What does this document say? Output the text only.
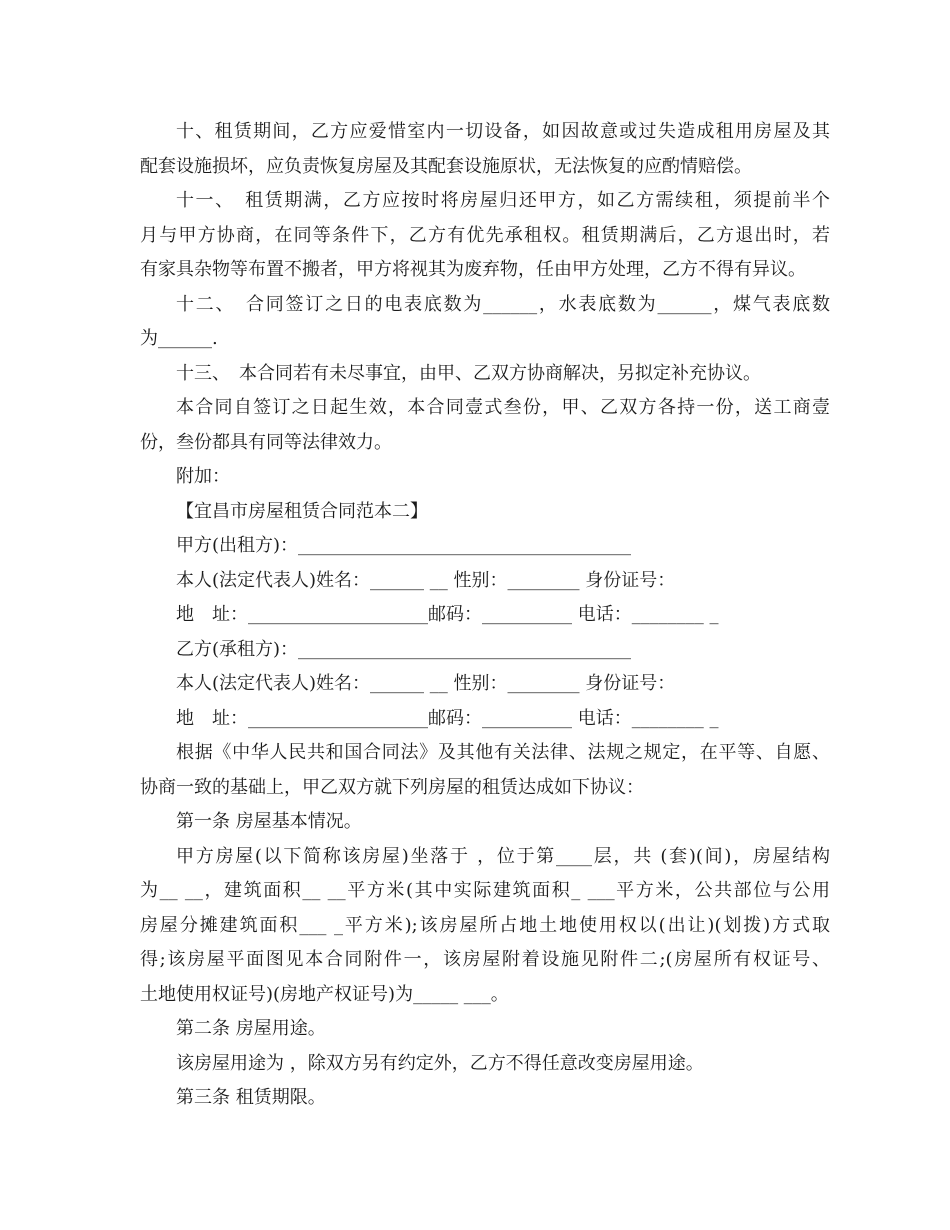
十、租赁期间，乙方应爱惜室内一切设备，如因故意或过失造成租用房屋及其

配套设施损坏，应负责恢复房屋及其配套设施原状，无法恢复的应酌情赔偿。

十一、　租赁期满，乙方应按时将房屋归还甲方，如乙方需续租，须提前半个

月与甲方协商，在同等条件下，乙方有优先承租权。租赁期满后，乙方退出时，若

有家具杂物等布置不搬者，甲方将视其为废弃物，任由甲方处理，乙方不得有异议。

十二、　合同签订之日的电表底数为______，水表底数为______，煤气表底数

为______.

十三、　本合同若有未尽事宜，由甲、乙双方协商解决，另拟定补充协议。

本合同自签订之日起生效，本合同壹式叁份，甲、乙双方各持一份，送工商壹

份，叁份都具有同等法律效力。

附加：

【宜昌市房屋租赁合同范本二】

甲方(出租方)：_____________________________________

本人(法定代表人)姓名：______ __ 性别：________ 身份证号：

地　址：____________________邮码：__________ 电话：________ _

乙方(承租方)：_____________________________________

本人(法定代表人)姓名：______ __ 性别：________ 身份证号：

地　址：____________________邮码：__________ 电话：________ _

根据《中华人民共和国合同法》及其他有关法律、法规之规定，在平等、自愿、

协商一致的基础上，甲乙双方就下列房屋的租赁达成如下协议：

第一条 房屋基本情况。

甲方房屋(以下简称该房屋)坐落于 ，位于第____层，共 (套)(间)，房屋结构

为__ __，建筑面积__ __平方米(其中实际建筑面积_ ___平方米，公共部位与公用

房屋分摊建筑面积___ _平方米);该房屋所占地土地使用权以(出让)(划拨)方式取

得;该房屋平面图见本合同附件一，该房屋附着设施见附件二;(房屋所有权证号、

土地使用权证号)(房地产权证号)为_____ ___。

第二条 房屋用途。

该房屋用途为 ，除双方另有约定外，乙方不得任意改变房屋用途。

第三条 租赁期限。
